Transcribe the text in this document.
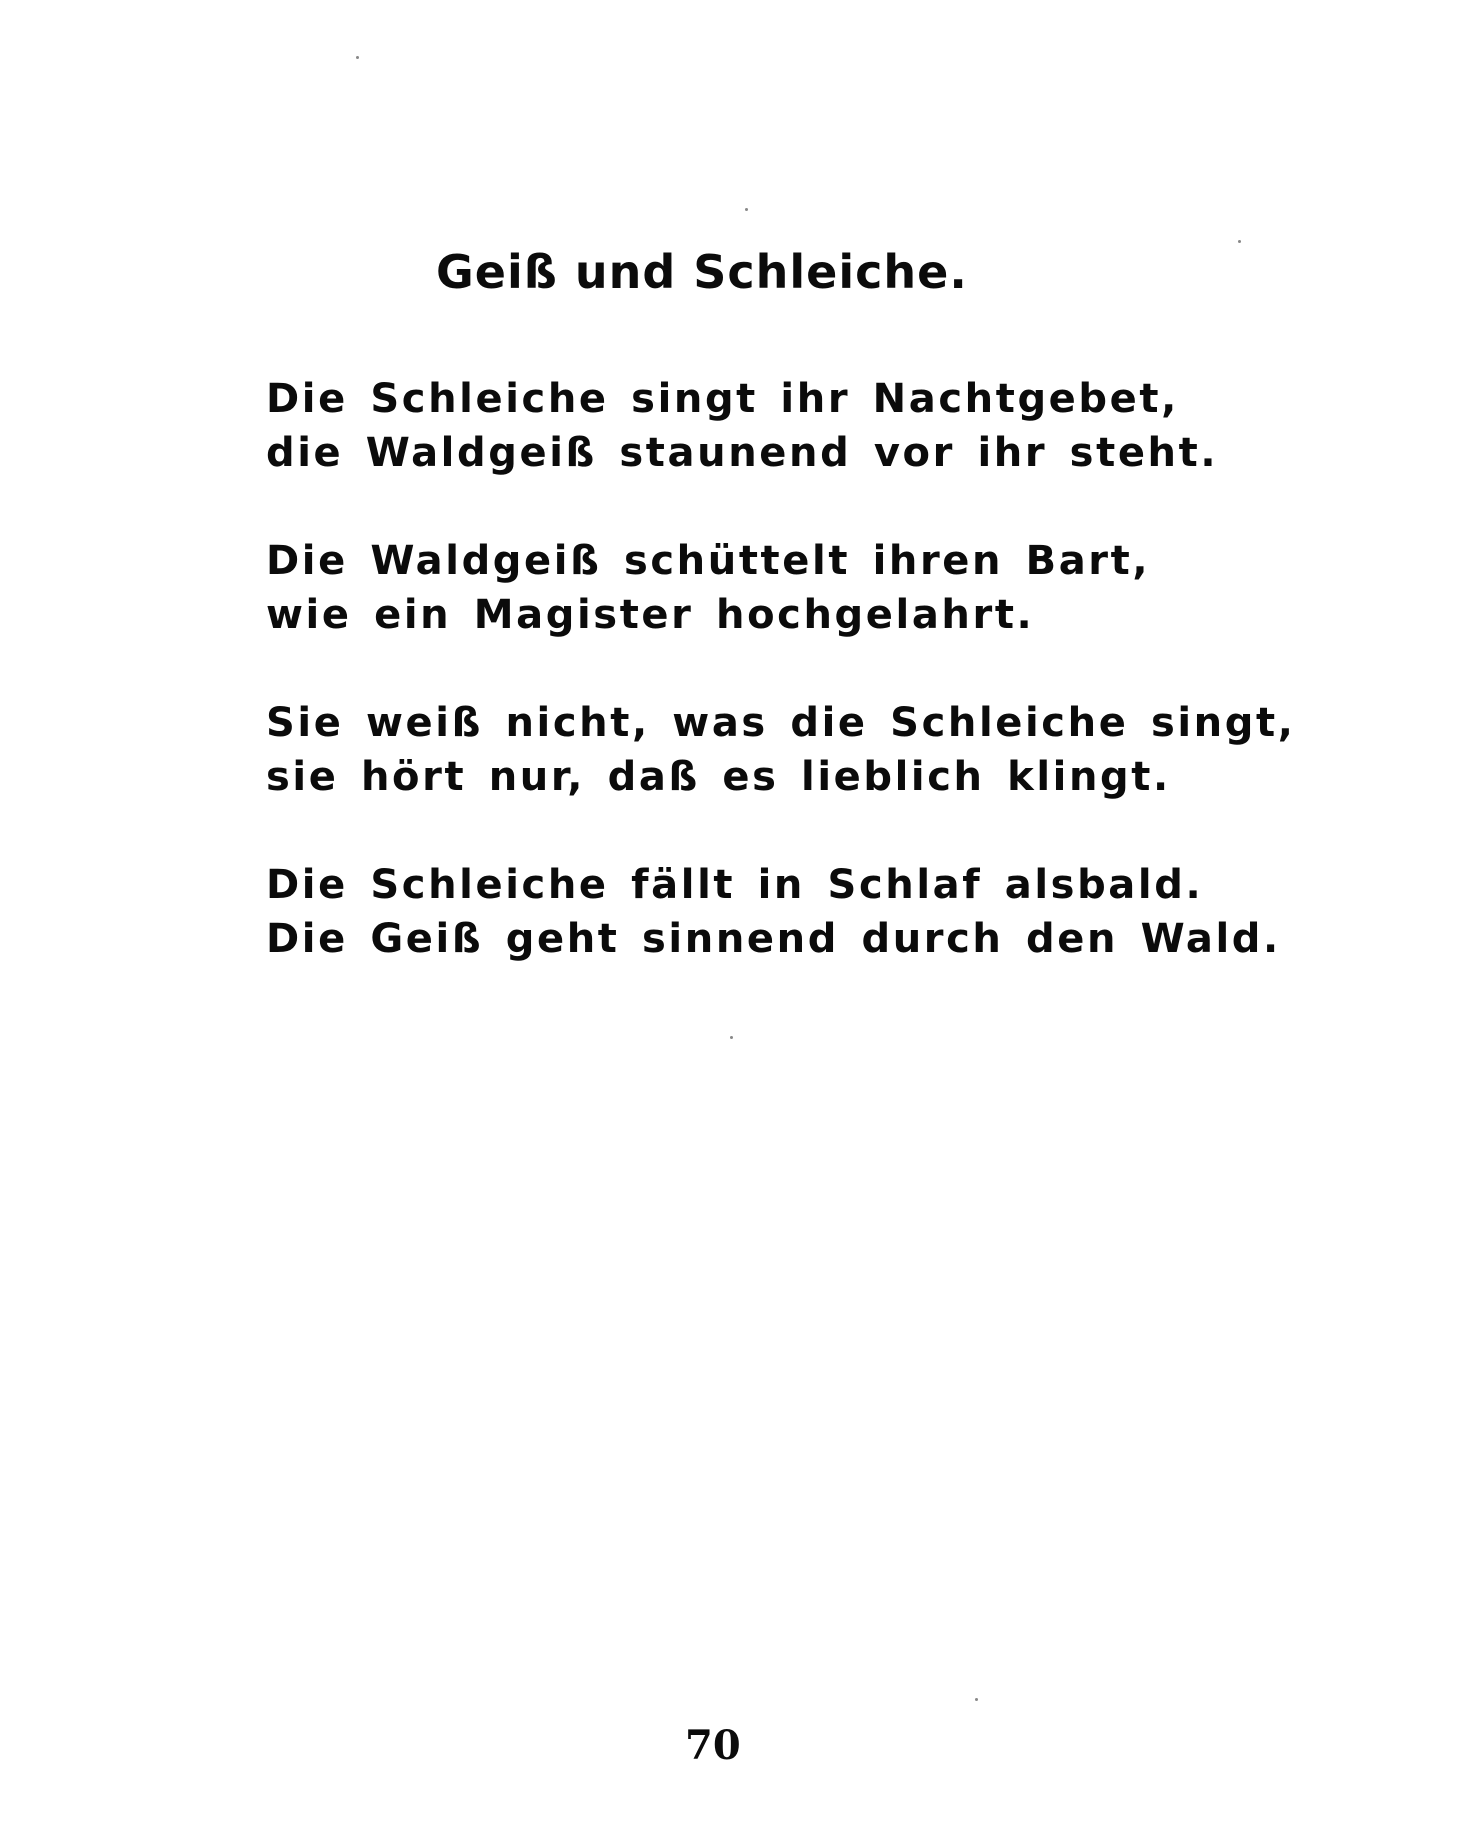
Geiß und Schleiche.
Die Schleiche singt ihr Nachtgebet,
die Waldgeiß staunend vor ihr steht.
Die Waldgeiß schüttelt ihren Bart,
wie ein Magister hochgelahrt.
Sie weiß nicht, was die Schleiche singt,
sie hört nur, daß es lieblich klingt.
Die Schleiche fällt in Schlaf alsbald.
Die Geiß geht sinnend durch den Wald.
70
